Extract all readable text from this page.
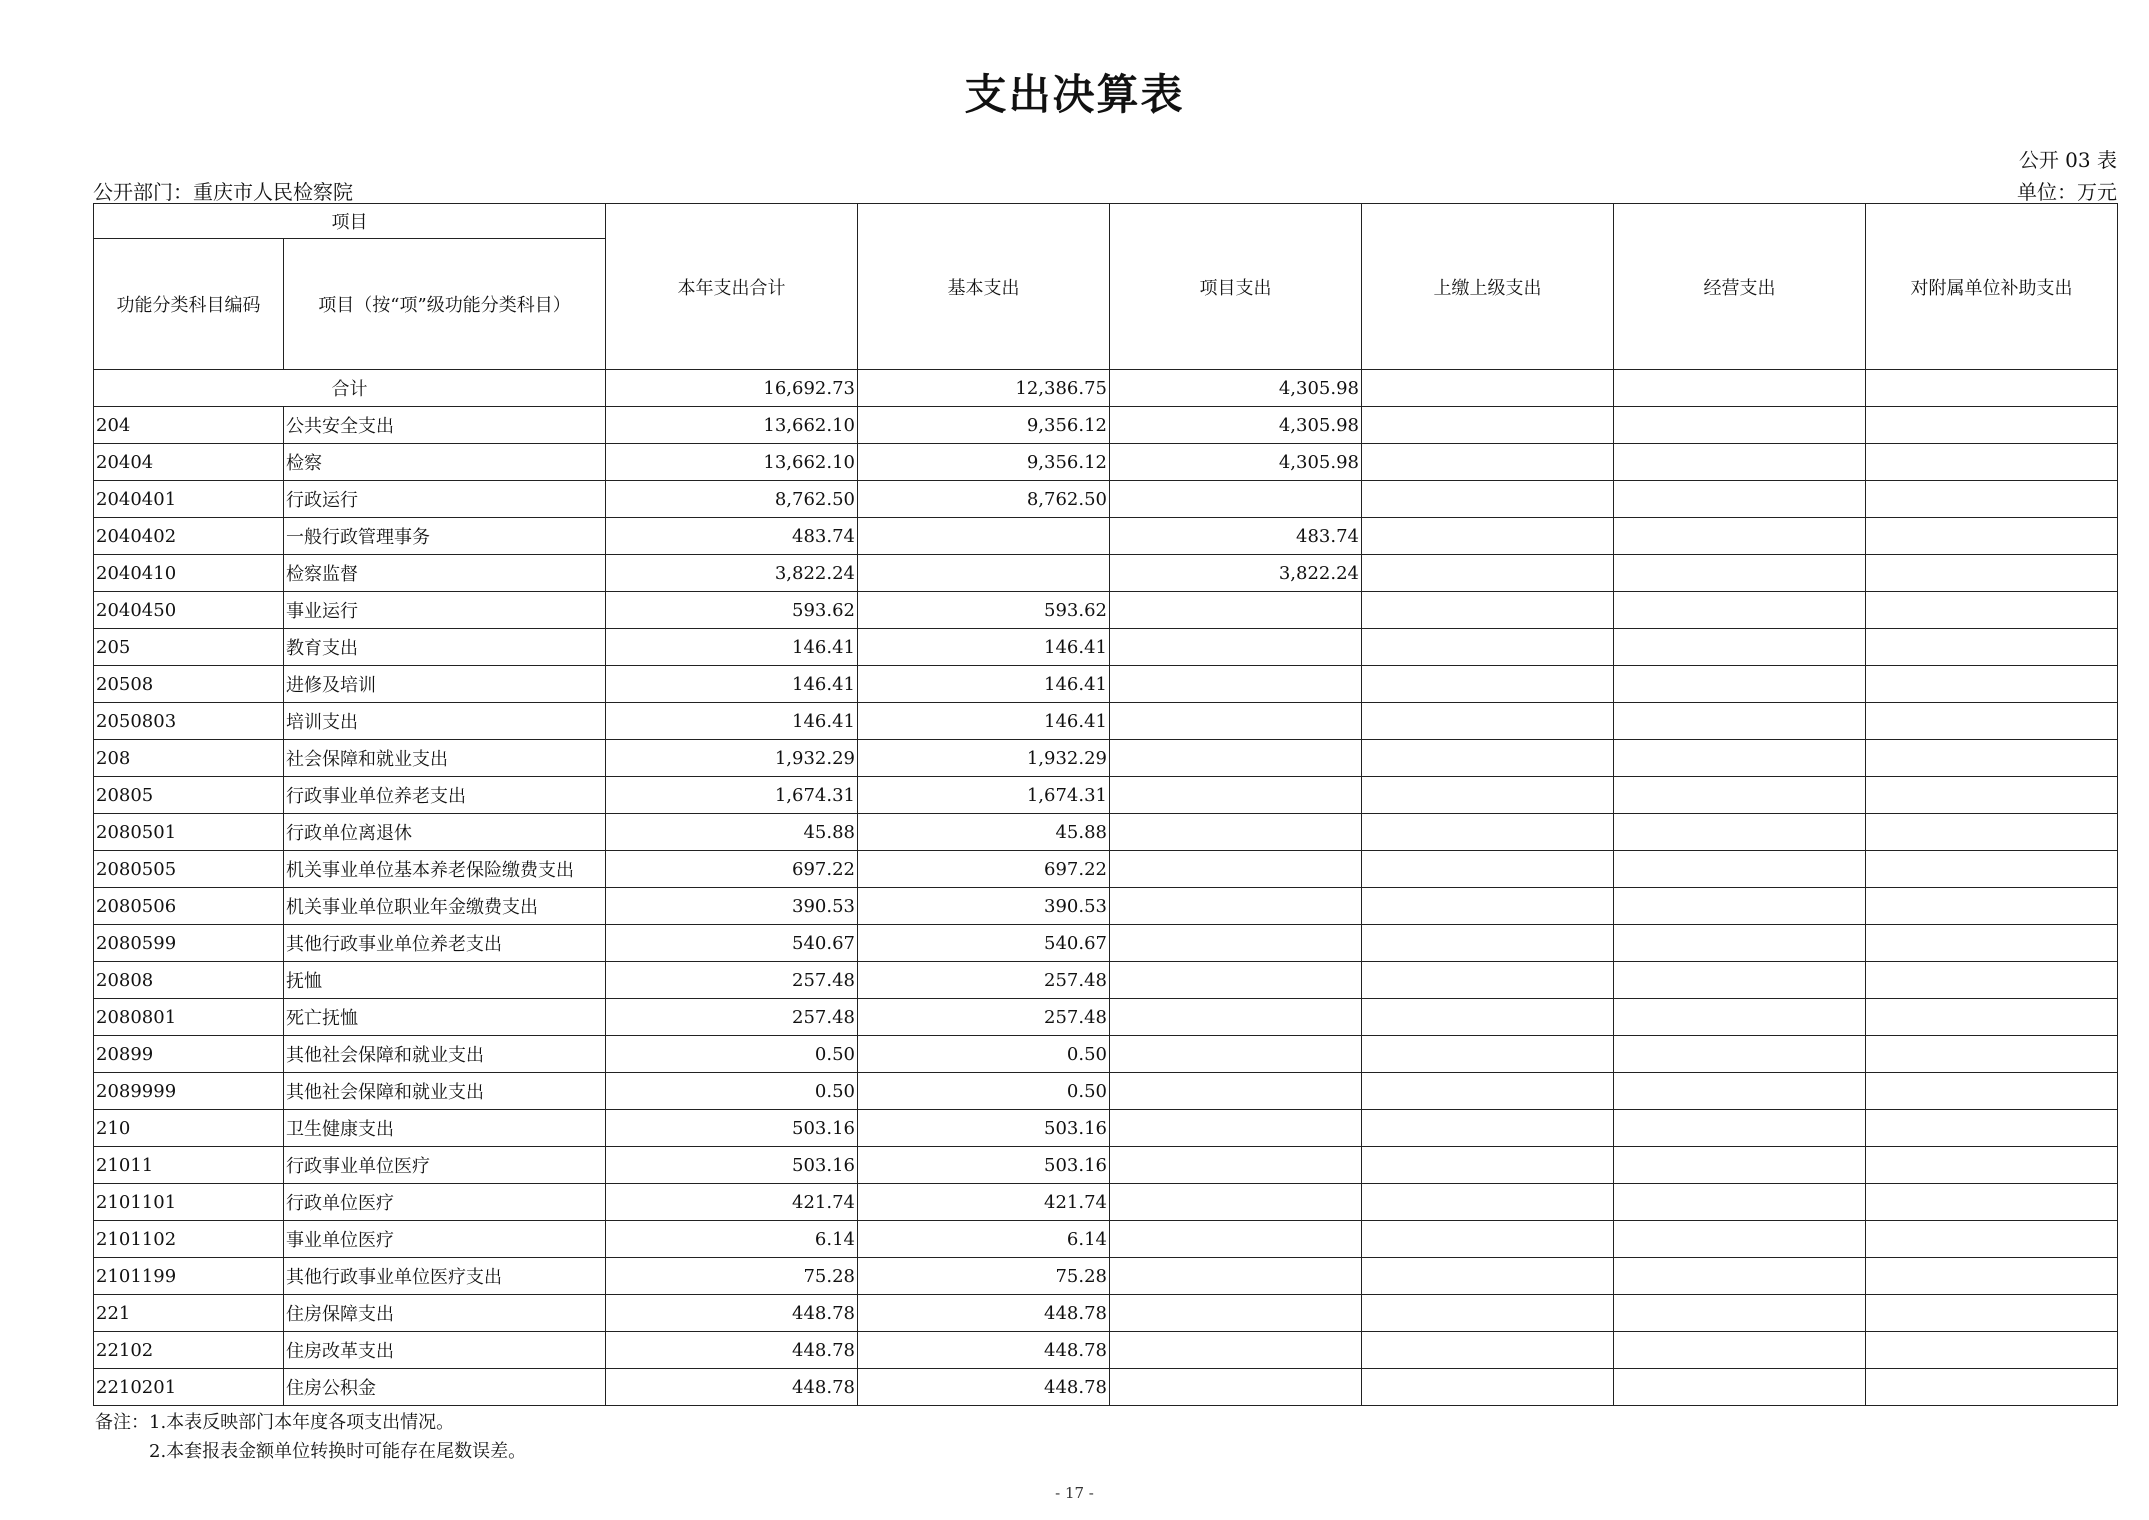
支出决算表
公开 03 表
公开部门：重庆市人民检察院	单位：万元
项目		本年支出合计	基本支出	项目支出	上缴上级支出	经营支出	对附属单位补助支出
功能分类科目编码	项目（按“项”级功能分类科目）						
合计		16,692.73	12,386.75	4,305.98			
204	公共安全支出	13,662.10	9,356.12	4,305.98			
20404	检察	13,662.10	9,356.12	4,305.98			
2040401	行政运行	8,762.50	8,762.50				
2040402	一般行政管理事务	483.74		483.74			
2040410	检察监督	3,822.24		3,822.24			
2040450	事业运行	593.62	593.62				
205	教育支出	146.41	146.41				
20508	进修及培训	146.41	146.41				
2050803	培训支出	146.41	146.41				
208	社会保障和就业支出	1,932.29	1,932.29				
20805	行政事业单位养老支出	1,674.31	1,674.31				
2080501	行政单位离退休	45.88	45.88				
2080505	机关事业单位基本养老保险缴费支出	697.22	697.22				
2080506	机关事业单位职业年金缴费支出	390.53	390.53				
2080599	其他行政事业单位养老支出	540.67	540.67				
20808	抚恤	257.48	257.48				
2080801	死亡抚恤	257.48	257.48				
20899	其他社会保障和就业支出	0.50	0.50				
2089999	其他社会保障和就业支出	0.50	0.50				
210	卫生健康支出	503.16	503.16				
21011	行政事业单位医疗	503.16	503.16				
2101101	行政单位医疗	421.74	421.74				
2101102	事业单位医疗	6.14	6.14				
2101199	其他行政事业单位医疗支出	75.28	75.28				
221	住房保障支出	448.78	448.78				
22102	住房改革支出	448.78	448.78				
2210201	住房公积金	448.78	448.78				
备注：1.本表反映部门本年度各项支出情况。
2.本套报表金额单位转换时可能存在尾数误差。
- 17 -
